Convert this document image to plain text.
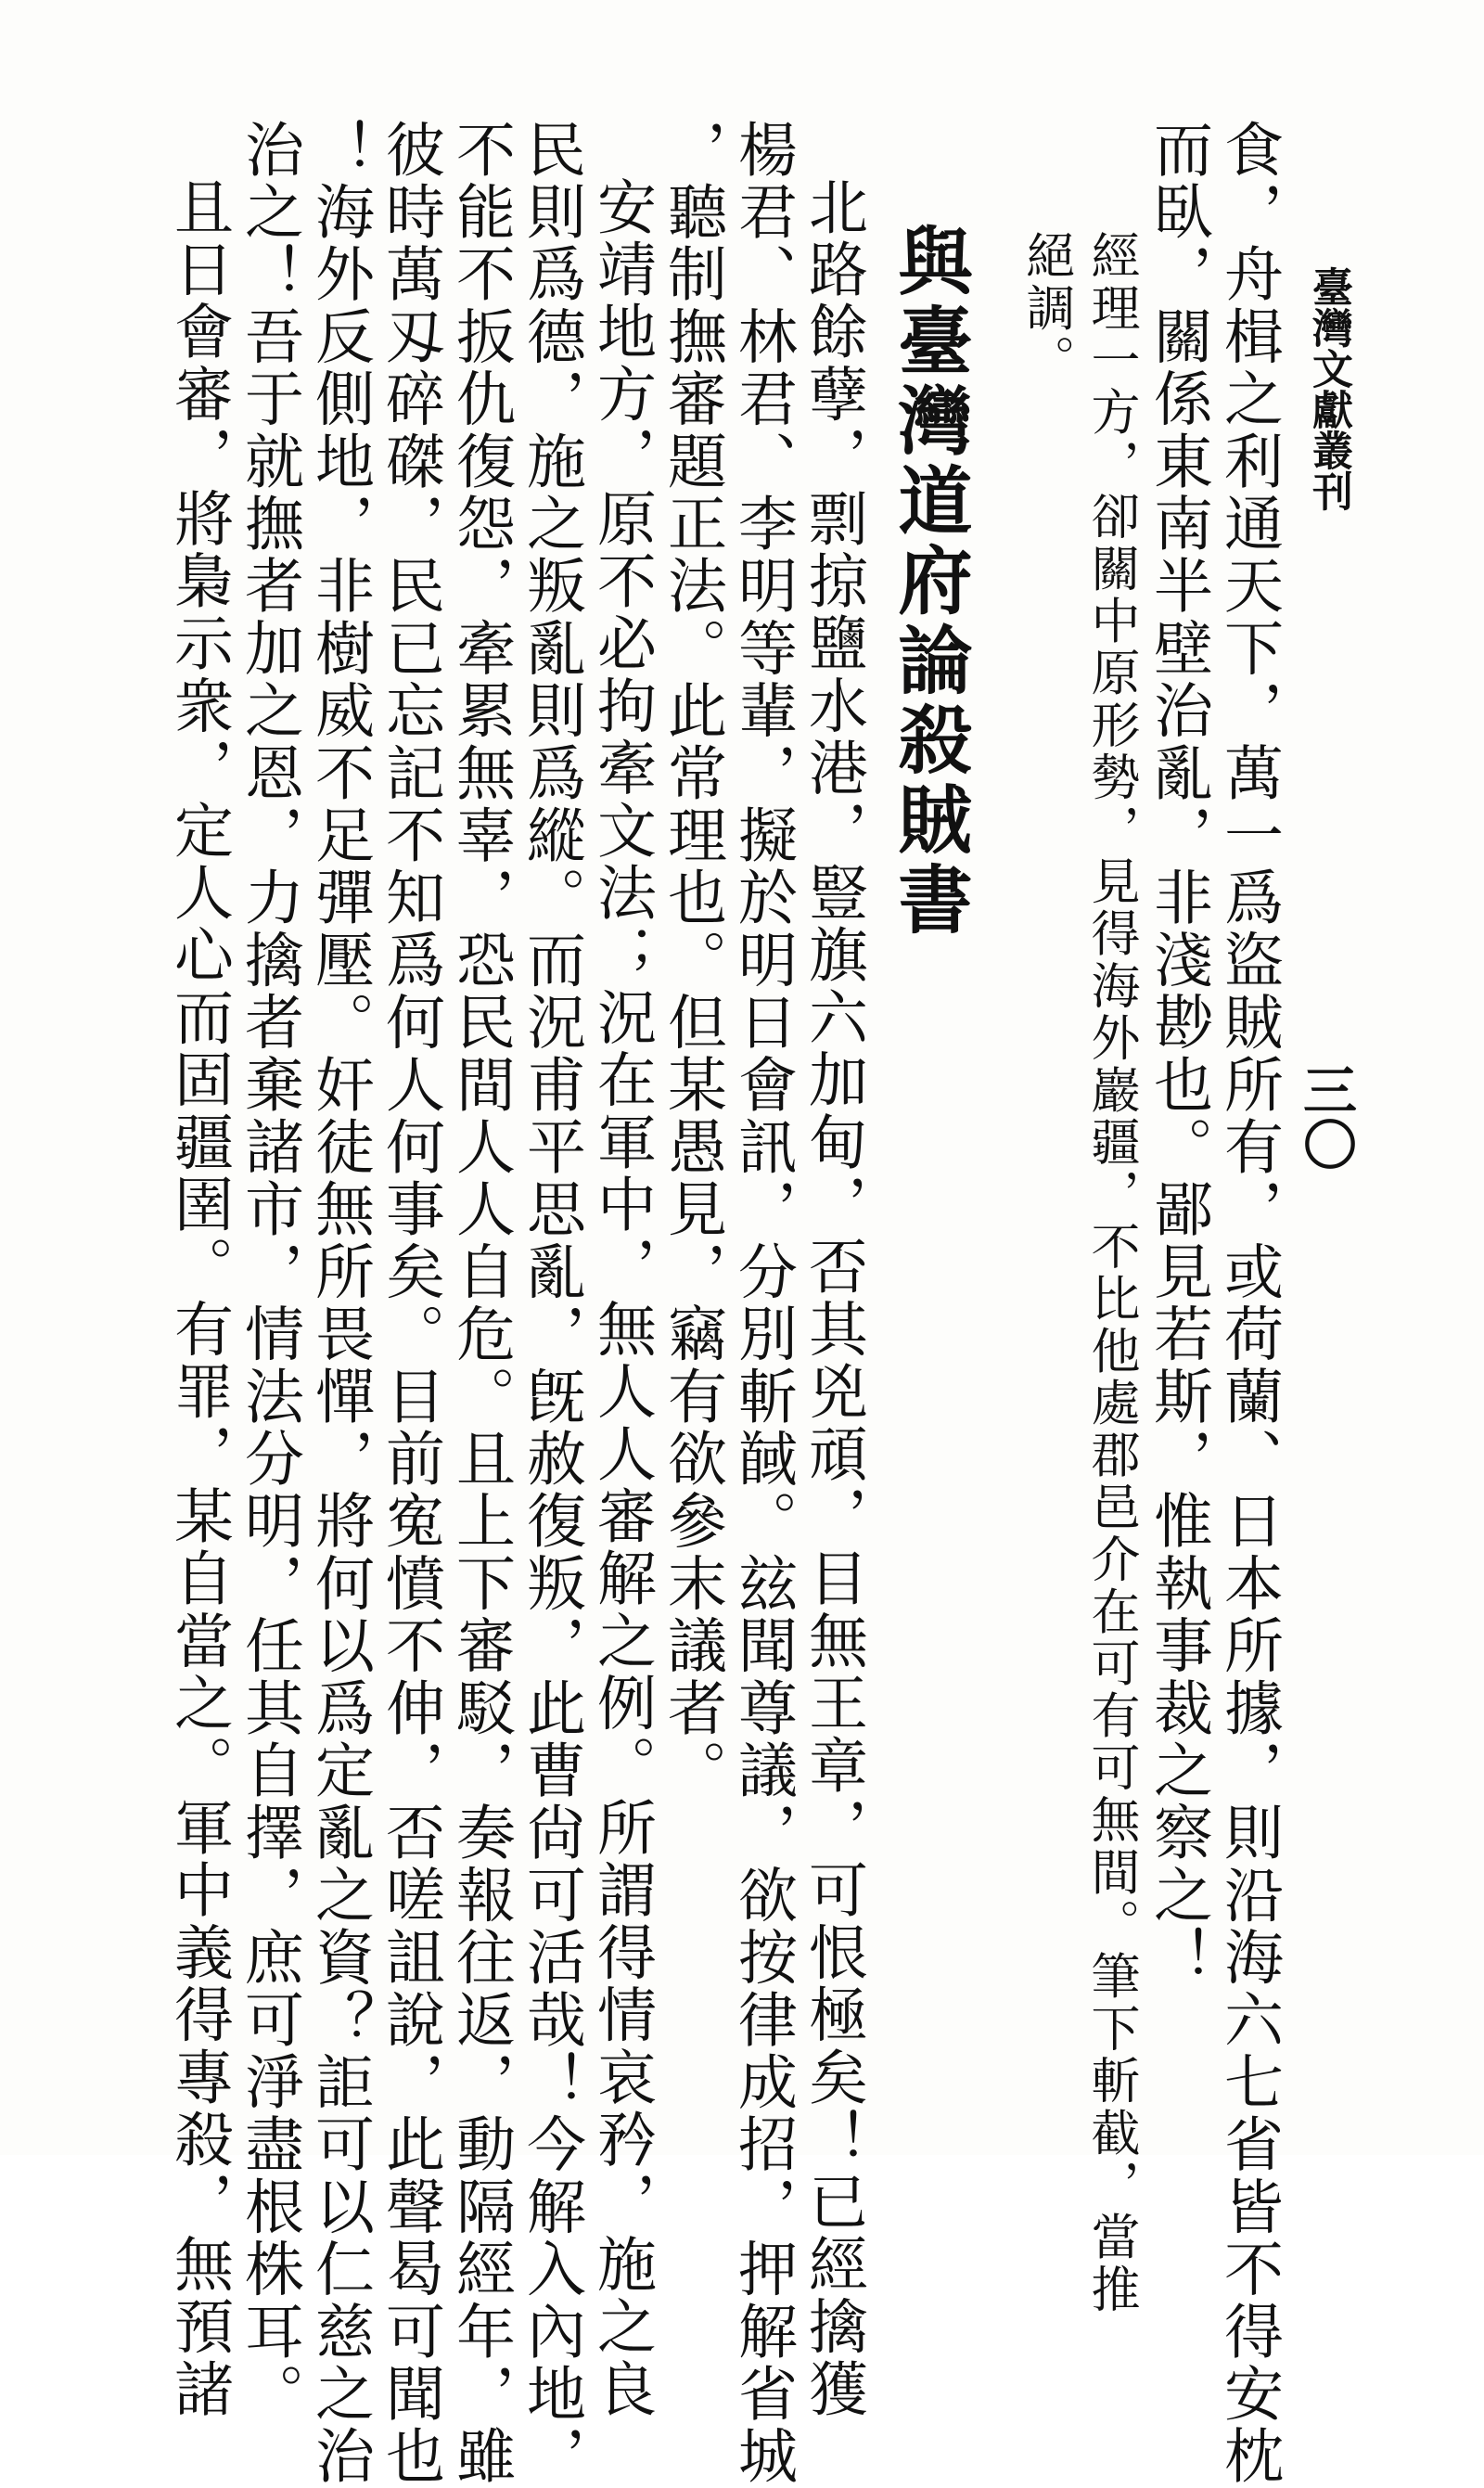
臺灣文獻叢刊
三〇
食，舟楫之利通天下，萬一爲盜賊所有，或荷蘭、日本所據，則沿海六七省皆不得安枕
而臥，關係東南半壁治亂，非淺尠也。鄙見若斯，惟執事裁之察之！
經理一方，卻關中原形勢，見得海外巖疆，不比他處郡邑介在可有可無間。筆下斬截，當推
絕調。
與臺灣道府論殺賊書
北路餘孽，剽掠鹽水港，豎旗六加甸，否其兇頑，目無王章，可恨極矣！已經擒獲
楊君、林君、李明等輩，擬於明日會訊，分別斬馘。玆聞尊議，欲按律成招，押解省城
，聽制撫審題正法。此常理也。但某愚見，竊有欲參末議者。
安靖地方，原不必拘牽文法；況在軍中，無人人審解之例。所謂得情哀矜，施之良
民則爲德，施之叛亂則爲縱。而況甫平思亂，旣赦復叛，此曹尙可活哉！今解入內地，
不能不扳仇復怨，牽累無辜，恐民間人人自危。且上下審駁，奏報往返，動隔經年，雖
彼時萬刄碎磔，民已忘記不知爲何人何事矣。目前寃憤不伸，否嗟詛說，此聲曷可聞也
！海外反側地，非樹威不足彈壓。奸徒無所畏憚，將何以爲定亂之資？詎可以仁慈之治
治之！吾于就撫者加之恩，力擒者棄諸市，情法分明，任其自擇，庶可淨盡根株耳。
且日會審，將梟示衆，定人心而固疆圉。有罪，某自當之。軍中義得專殺，無預諸
